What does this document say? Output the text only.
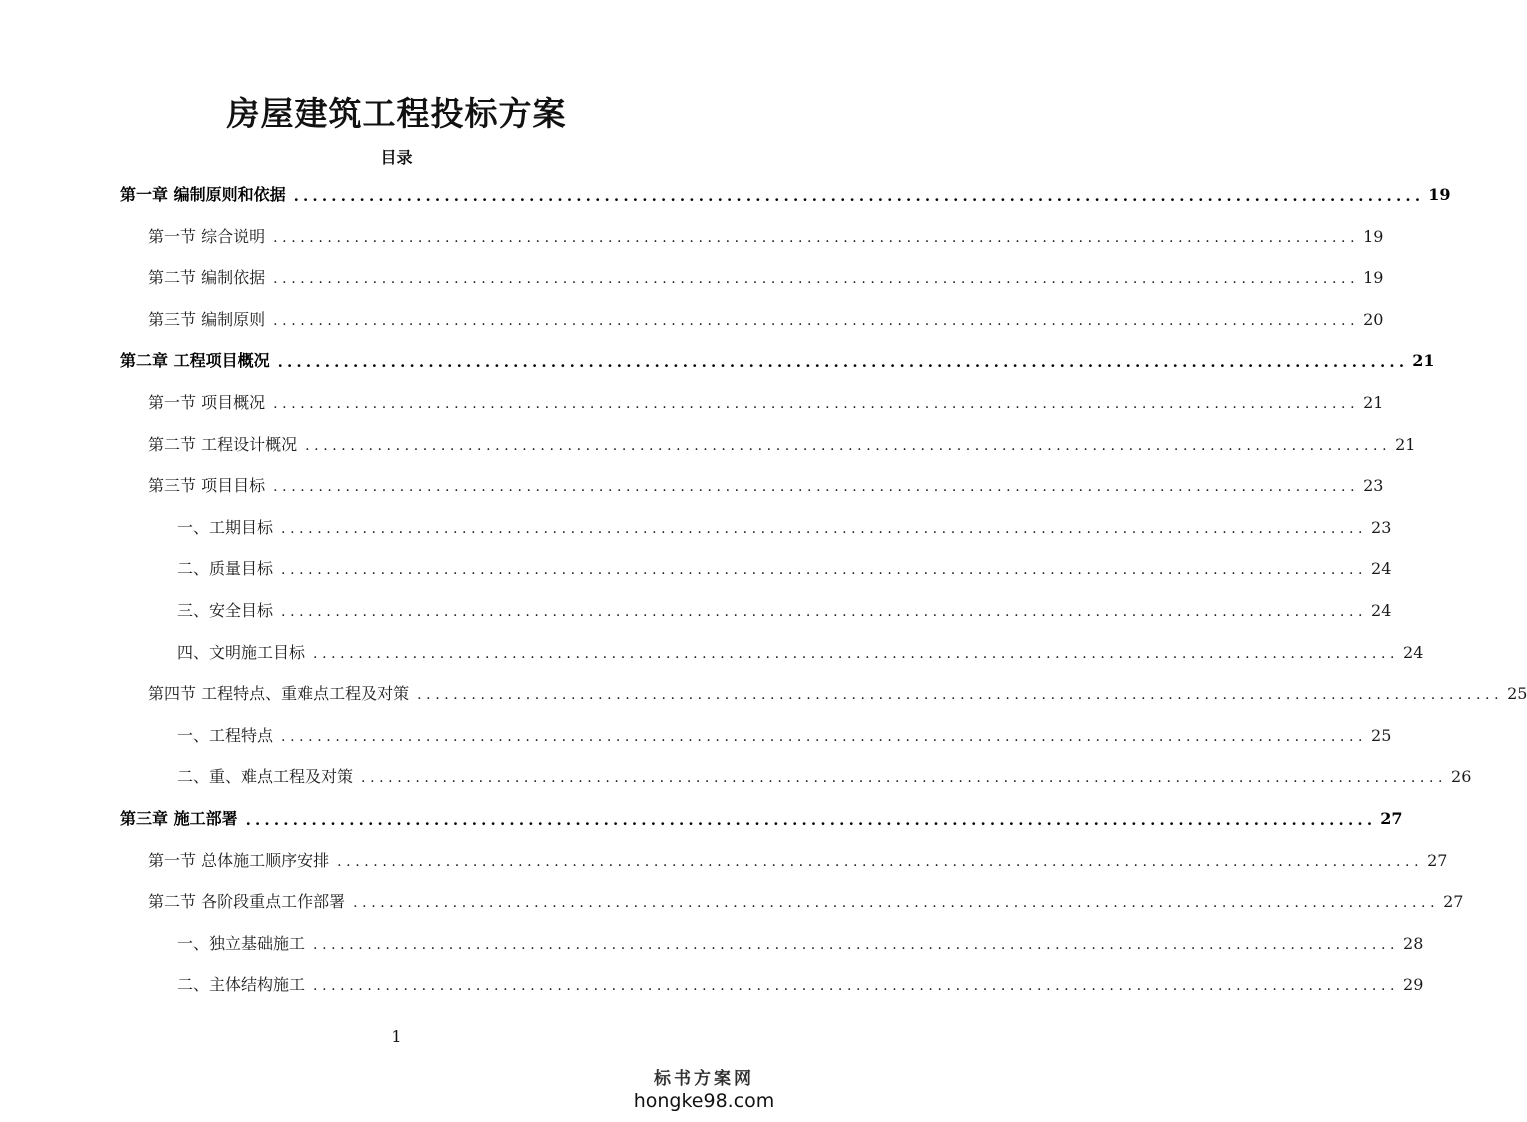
房屋建筑工程投标方案
目录
第一章 编制原则和依据 ........................................................................................................................ 19
第一节 综合说明 ........................................................................................................................ 19
第二节 编制依据 ........................................................................................................................ 19
第三节 编制原则 ........................................................................................................................ 20
第二章 工程项目概况 ........................................................................................................................ 21
第一节 项目概况 ........................................................................................................................ 21
第二节 工程设计概况 ........................................................................................................................ 21
第三节 项目目标 ........................................................................................................................ 23
一、工期目标 ........................................................................................................................ 23
二、质量目标 ........................................................................................................................ 24
三、安全目标 ........................................................................................................................ 24
四、文明施工目标 ........................................................................................................................ 24
第四节 工程特点、重难点工程及对策 ........................................................................................................................ 25
一、工程特点 ........................................................................................................................ 25
二、重、难点工程及对策 ........................................................................................................................ 26
第三章 施工部署 ........................................................................................................................ 27
第一节 总体施工顺序安排 ........................................................................................................................ 27
第二节 各阶段重点工作部署 ........................................................................................................................ 27
一、独立基础施工 ........................................................................................................................ 28
二、主体结构施工 ........................................................................................................................ 29
1
标书方案网
hongke98.com
